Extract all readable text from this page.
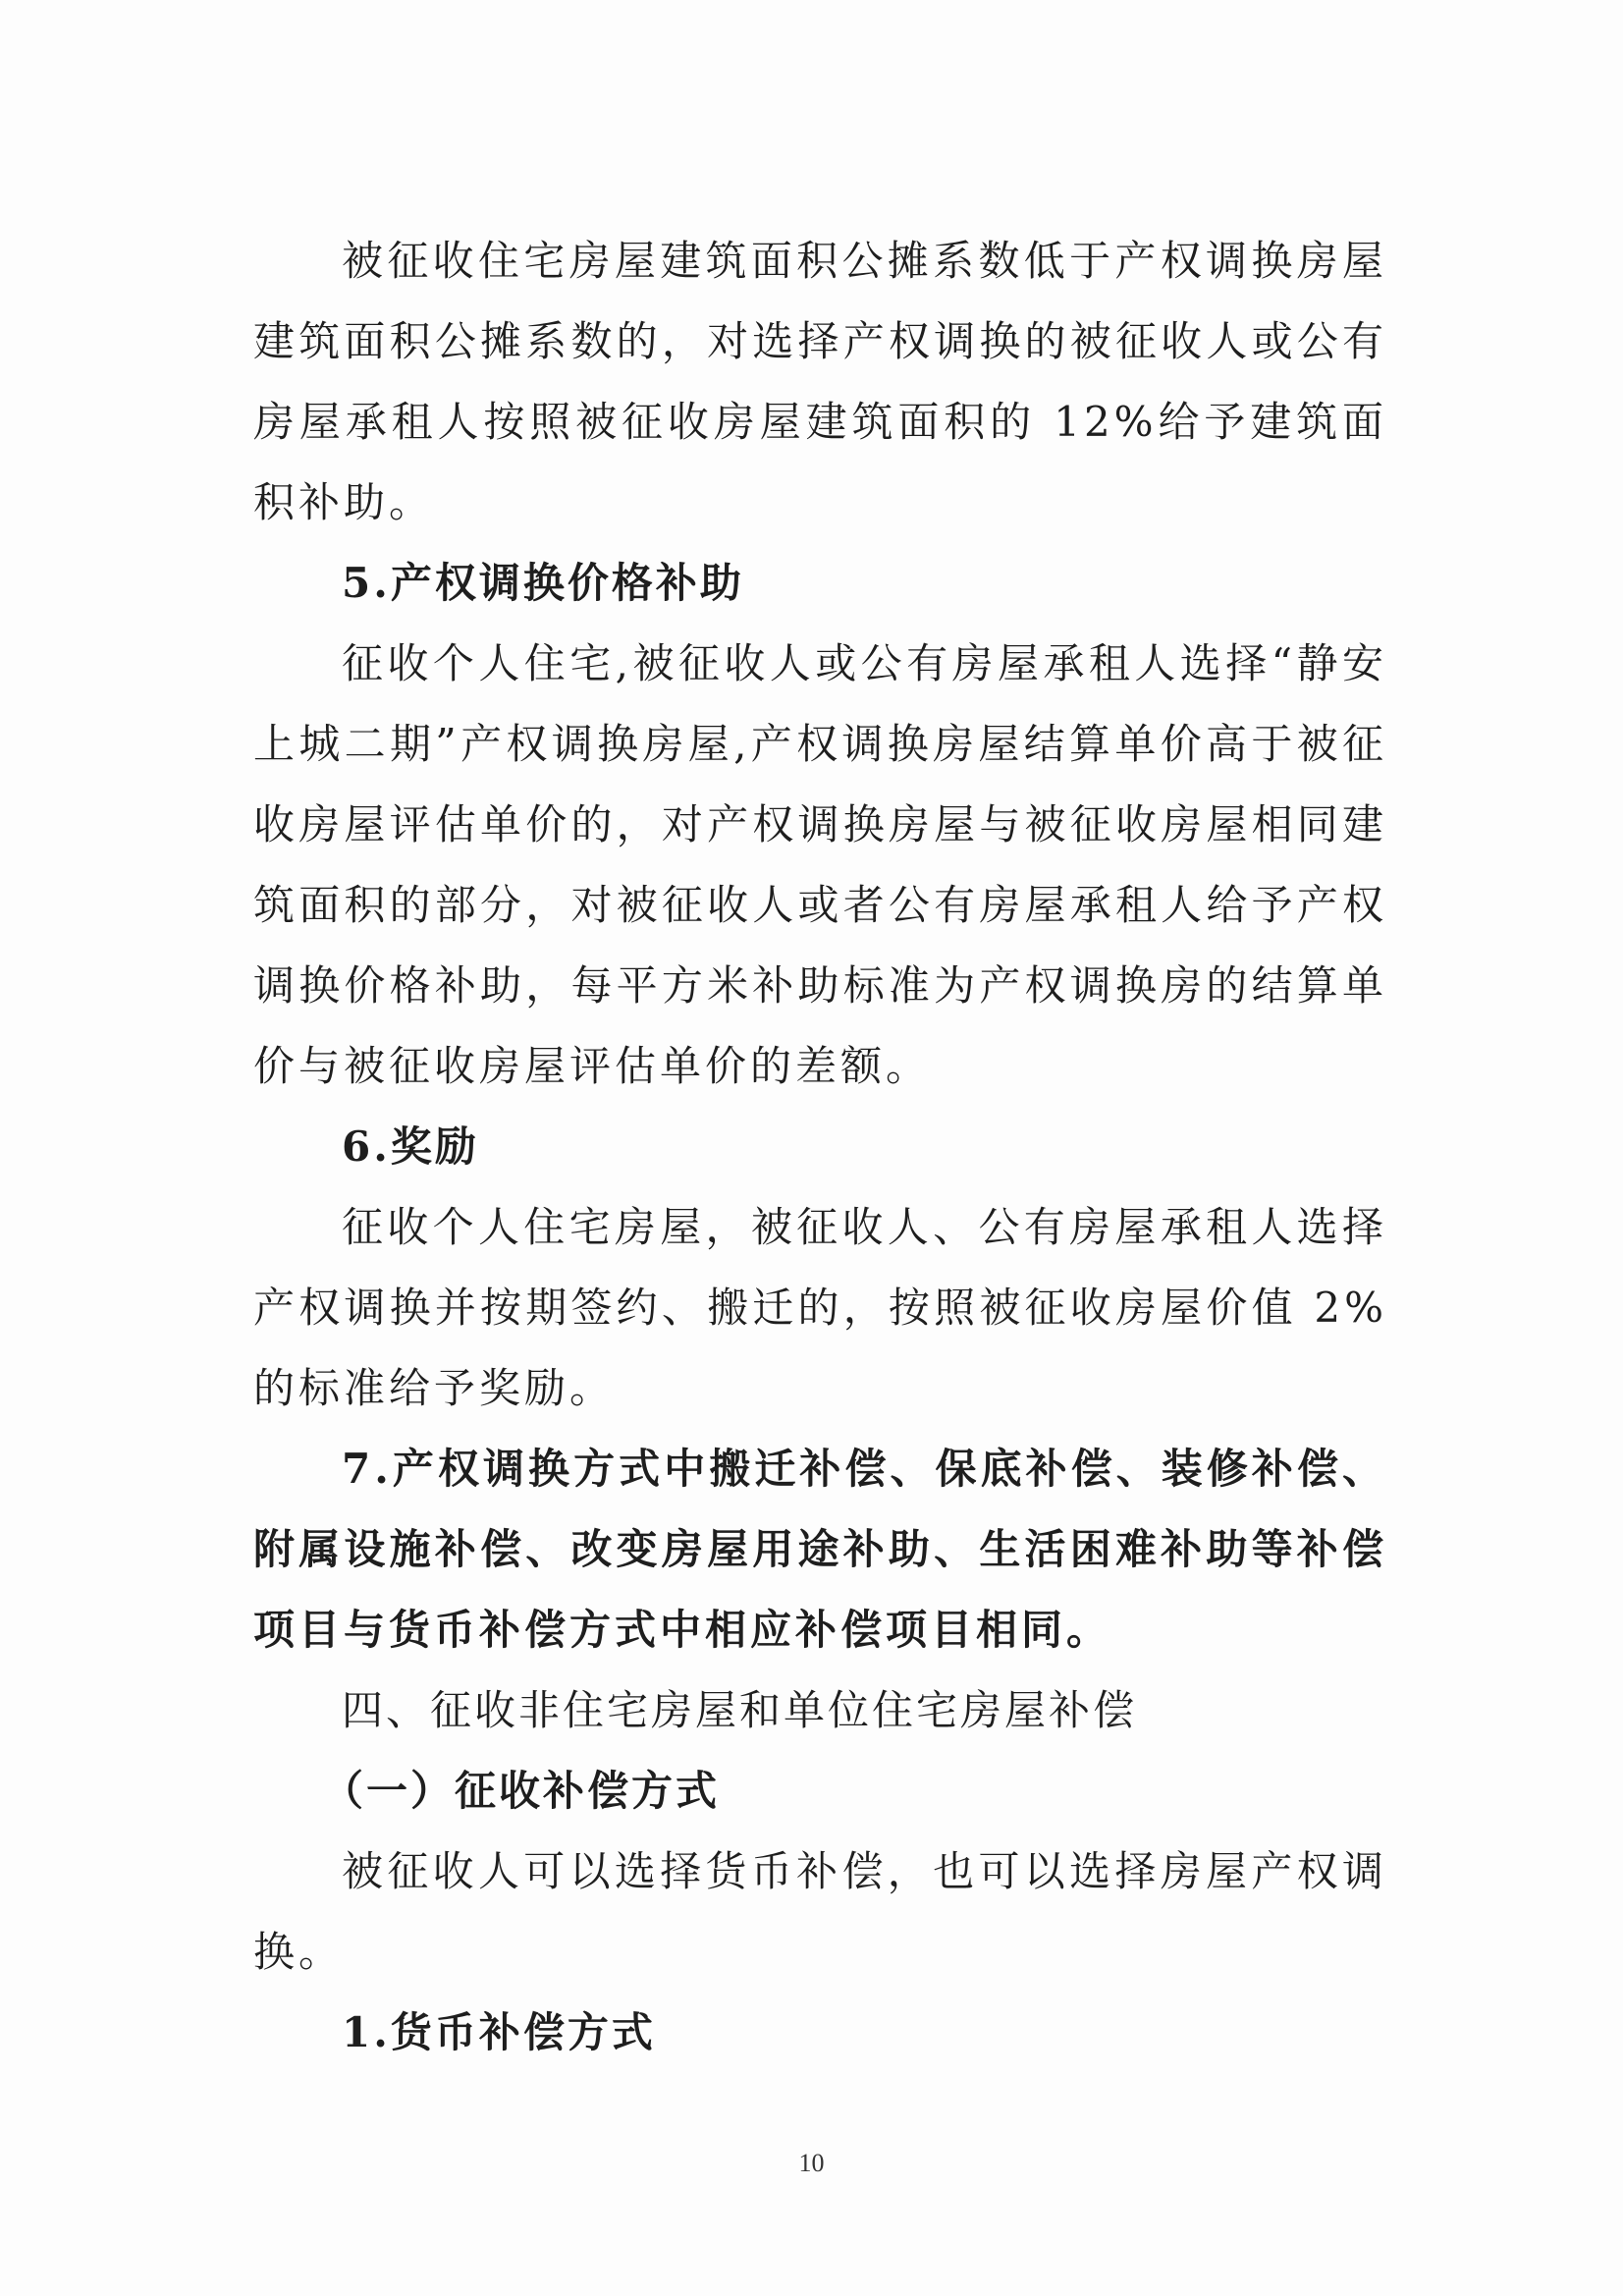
被征收住宅房屋建筑面积公摊系数低于产权调换房屋建筑面积公摊系数的，对选择产权调换的被征收人或公有房屋承租人按照被征收房屋建筑面积的 12%给予建筑面积补助。

5.产权调换价格补助

征收个人住宅,被征收人或公有房屋承租人选择“静安上城二期”产权调换房屋,产权调换房屋结算单价高于被征收房屋评估单价的，对产权调换房屋与被征收房屋相同建筑面积的部分，对被征收人或者公有房屋承租人给予产权调换价格补助，每平方米补助标准为产权调换房的结算单价与被征收房屋评估单价的差额。

6.奖励

征收个人住宅房屋，被征收人、公有房屋承租人选择产权调换并按期签约、搬迁的，按照被征收房屋价值 2%的标准给予奖励。

7.产权调换方式中搬迁补偿、保底补偿、装修补偿、附属设施补偿、改变房屋用途补助、生活困难补助等补偿项目与货币补偿方式中相应补偿项目相同。

四、征收非住宅房屋和单位住宅房屋补偿

（一）征收补偿方式

被征收人可以选择货币补偿，也可以选择房屋产权调换。

1.货币补偿方式

10
